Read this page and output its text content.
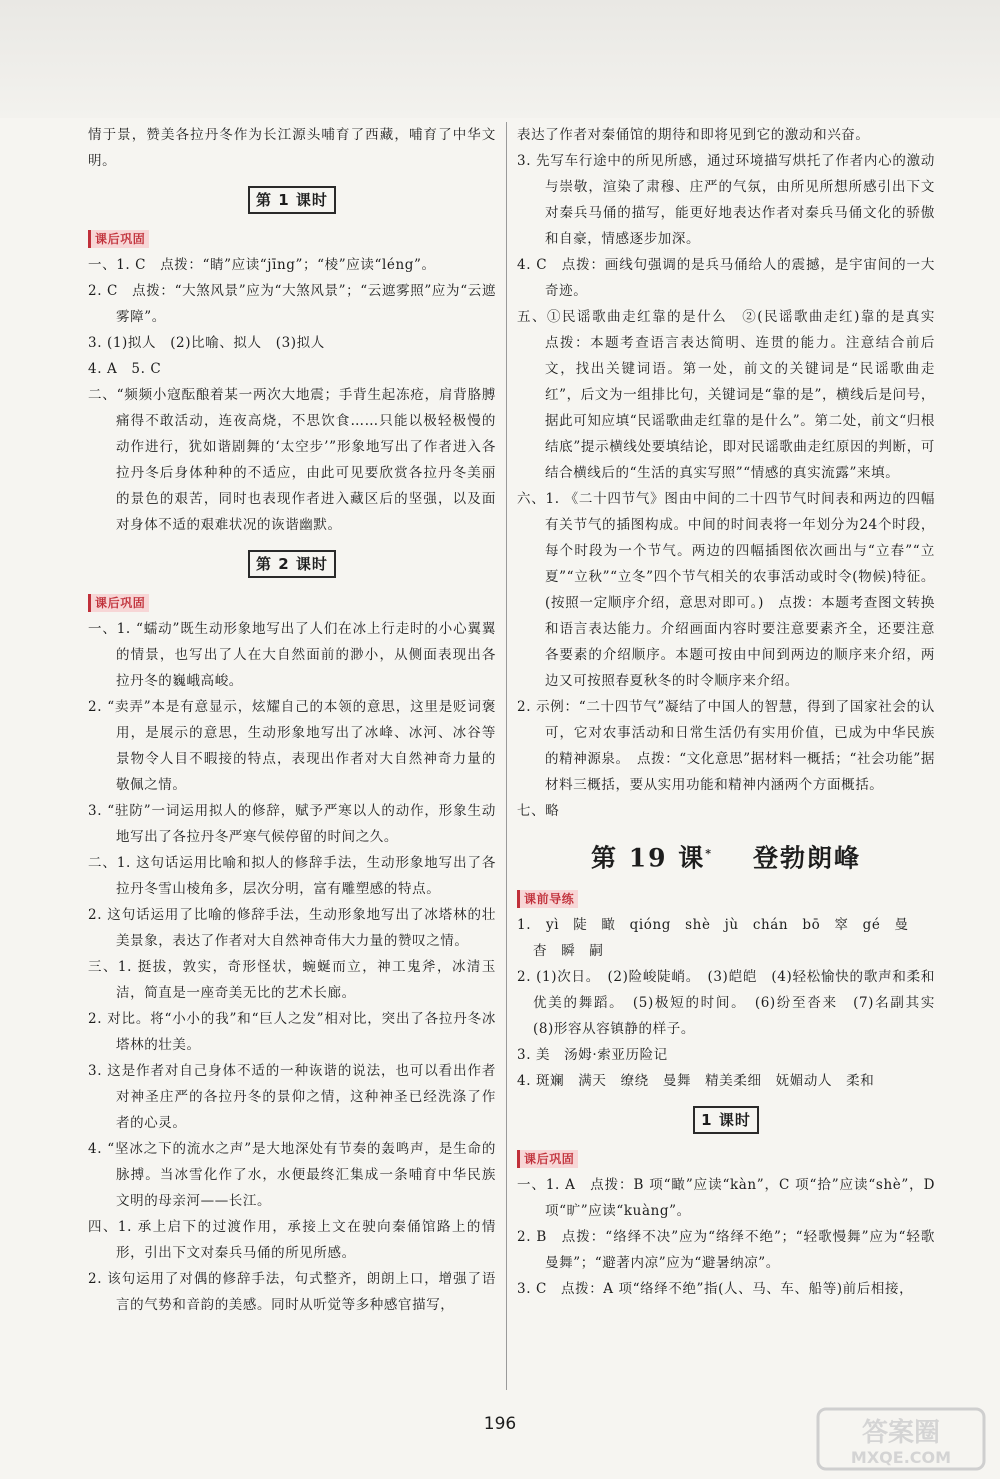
情于景，赞美各拉丹冬作为长江源头哺育了西藏，哺育了中华文明。

第 1 课时
课后巩固

一、1. C　点拨：“睛”应读“jīng”；“棱”应读“léng”。

2. C　点拨：“大煞风景”应为“大煞风景”；“云遮雾照”应为“云遮雾障”。

3. (1)拟人　(2)比喻、拟人　(3)拟人

4. A　5. C

二、“频频小寇酝酿着某一两次大地震；手背生起冻疮，肩背胳膊痛得不敢活动，连夜高烧，不思饮食……只能以极轻极慢的动作进行，犹如谐剧舞的‘太空步’”形象地写出了作者进入各拉丹冬后身体种种的不适应，由此可见要欣赏各拉丹冬美丽的景色的艰苦，同时也表现作者进入藏区后的坚强，以及面对身体不适的艰难状况的诙谐幽默。

第 2 课时
课后巩固

一、1. “蠕动”既生动形象地写出了人们在冰上行走时的小心翼翼的情景，也写出了人在大自然面前的渺小，从侧面表现出各拉丹冬的巍峨高峻。

2. “卖弄”本是有意显示，炫耀自己的本领的意思，这里是贬词褒用，是展示的意思，生动形象地写出了冰峰、冰河、冰谷等景物令人目不暇接的特点，表现出作者对大自然神奇力量的敬佩之情。

3. “驻防”一词运用拟人的修辞，赋予严寒以人的动作，形象生动地写出了各拉丹冬严寒气候停留的时间之久。

二、1. 这句话运用比喻和拟人的修辞手法，生动形象地写出了各拉丹冬雪山棱角多，层次分明，富有雕塑感的特点。

2. 这句话运用了比喻的修辞手法，生动形象地写出了冰塔林的壮美景象，表达了作者对大自然神奇伟大力量的赞叹之情。

三、1. 挺拔，敦实，奇形怪状，蜿蜒而立，神工鬼斧，冰清玉洁，简直是一座奇美无比的艺术长廊。

2. 对比。将“小小的我”和“巨人之发”相对比，突出了各拉丹冬冰塔林的壮美。

3. 这是作者对自己身体不适的一种诙谐的说法，也可以看出作者对神圣庄严的各拉丹冬的景仰之情，这种神圣已经洗涤了作者的心灵。

4. “坚冰之下的流水之声”是大地深处有节奏的轰鸣声，是生命的脉搏。当冰雪化作了水，水便最终汇集成一条哺育中华民族文明的母亲河——长江。

四、1. 承上启下的过渡作用，承接上文在驶向秦俑馆路上的情形，引出下文对秦兵马俑的所见所感。

2. 该句运用了对偶的修辞手法，句式整齐，朗朗上口，增强了语言的气势和音韵的美感。同时从听觉等多种感官描写，

表达了作者对秦俑馆的期待和即将见到它的激动和兴奋。

3. 先写车行途中的所见所感，通过环境描写烘托了作者内心的激动与崇敬，渲染了肃穆、庄严的气氛，由所见所想所感引出下文对秦兵马俑的描写，能更好地表达作者对秦兵马俑文化的骄傲和自豪，情感逐步加深。

4. C　点拨：画线句强调的是兵马俑给人的震撼，是宇宙间的一大奇迹。

五、①民谣歌曲走红靠的是什么　②(民谣歌曲走红)靠的是真实　点拨：本题考查语言表达简明、连贯的能力。注意结合前后文，找出关键词语。第一处，前文的关键词是“民谣歌曲走红”，后文为一组排比句，关键词是“靠的是”，横线后是问号，据此可知应填“民谣歌曲走红靠的是什么”。第二处，前文“归根结底”提示横线处要填结论，即对民谣歌曲走红原因的判断，可结合横线后的“生活的真实写照”“情感的真实流露”来填。

六、1. 《二十四节气》图由中间的二十四节气时间表和两边的四幅有关节气的插图构成。中间的时间表将一年划分为24个时段，每个时段为一个节气。两边的四幅插图依次画出与“立春”“立夏”“立秋”“立冬”四个节气相关的农事活动或时令(物候)特征。(按照一定顺序介绍，意思对即可。)　点拨：本题考查图文转换和语言表达能力。介绍画面内容时要注意要素齐全，还要注意各要素的介绍顺序。本题可按由中间到两边的顺序来介绍，两边又可按照春夏秋冬的时令顺序来介绍。

2. 示例：“二十四节气”凝结了中国人的智慧，得到了国家社会的认可，它对农事活动和日常生活仍有实用价值，已成为中华民族的精神源泉。　点拨：“文化意思”据材料一概括；“社会功能”据材料三概括，要从实用功能和精神内涵两个方面概括。

七、略

第 19 课* 登勃朗峰
课前导练

1. yì　陡　瞰　qióng　shè　jù　chán　bō　窣　gé　曼

杳　瞬　嗣

2. (1)次日。　(2)险峻陡峭。　(3)皑皑　(4)轻松愉快的歌声和柔和优美的舞蹈。　(5)极短的时间。　(6)纷至沓来　(7)名副其实　(8)形容从容镇静的样子。

3. 美　汤姆·索亚历险记

4. 斑斓　满天　缭绕　曼舞　精美柔细　妩媚动人　柔和

1 课时
课后巩固

一、1. A　点拨：B 项“瞰”应读“kàn”，C 项“拾”应读“shè”，D 项“旷”应读“kuàng”。

2. B　点拨：“络绎不决”应为“络绎不绝”；“轻歌慢舞”应为“轻歌曼舞”；“避著内凉”应为“避暑纳凉”。

3. C　点拨：A 项“络绎不绝”指(人、马、车、船等)前后相接，

196	答案圈
MXQE.COM
